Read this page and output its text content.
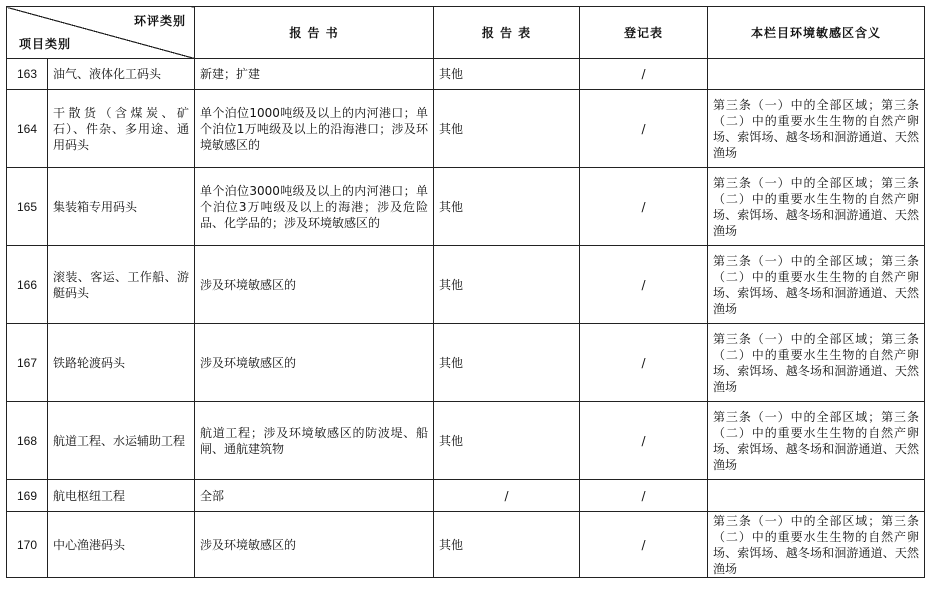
环评类别
项目类别		报 告 书	报 告 表	登记表	本栏目环境敏感区含义
163	油气、液体化工码头	新建；扩建	其他	/	
164	干散货（含煤炭、矿石）、件杂、多用途、通用码头	单个泊位1000吨级及以上的内河港口；单个泊位1万吨级及以上的沿海港口；涉及环境敏感区的	其他	/	第三条（一）中的全部区域；第三条（二）中的重要水生生物的自然产卵场、索饵场、越冬场和洄游通道、天然渔场
165	集装箱专用码头	单个泊位3000吨级及以上的内河港口；单个泊位3万吨级及以上的海港；涉及危险品、化学品的；涉及环境敏感区的	其他	/	第三条（一）中的全部区域；第三条（二）中的重要水生生物的自然产卵场、索饵场、越冬场和洄游通道、天然渔场
166	滚装、客运、工作船、游艇码头	涉及环境敏感区的	其他	/	第三条（一）中的全部区域；第三条（二）中的重要水生生物的自然产卵场、索饵场、越冬场和洄游通道、天然渔场
167	铁路轮渡码头	涉及环境敏感区的	其他	/	第三条（一）中的全部区域；第三条（二）中的重要水生生物的自然产卵场、索饵场、越冬场和洄游通道、天然渔场
168	航道工程、水运辅助工程	航道工程；涉及环境敏感区的防波堤、船闸、通航建筑物	其他	/	第三条（一）中的全部区域；第三条（二）中的重要水生生物的自然产卵场、索饵场、越冬场和洄游通道、天然渔场
169	航电枢纽工程	全部	/	/	
170	中心渔港码头	涉及环境敏感区的	其他	/	第三条（一）中的全部区域；第三条（二）中的重要水生生物的自然产卵场、索饵场、越冬场和洄游通道、天然渔场
